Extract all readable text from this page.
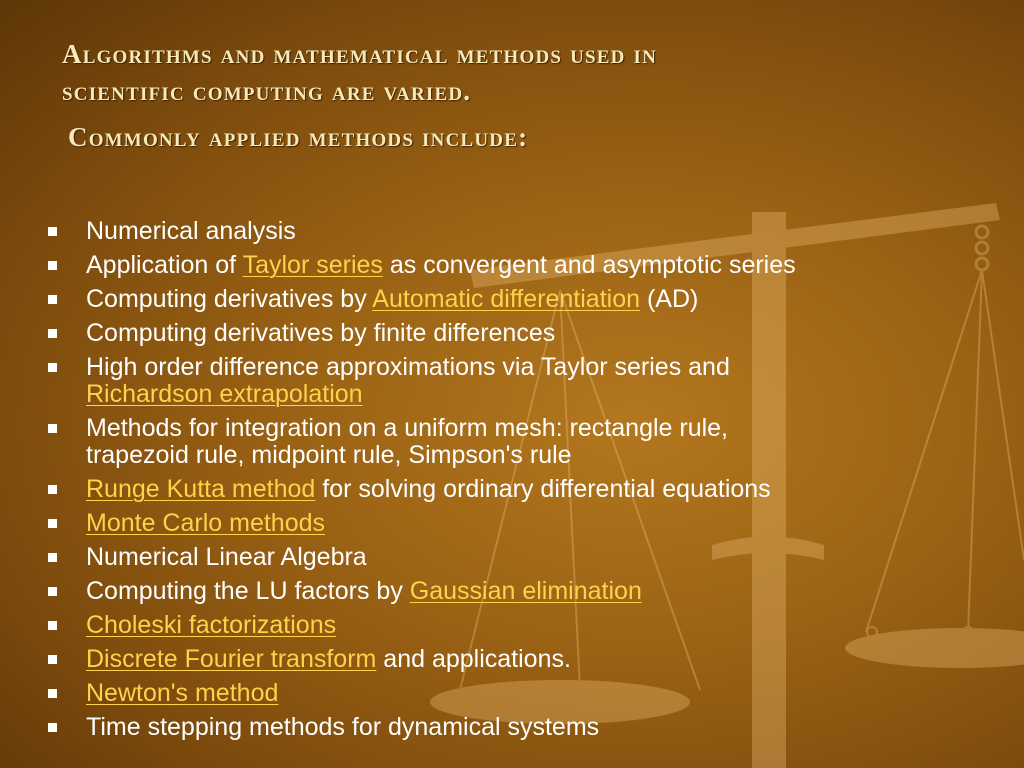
Algorithms and mathematical methods used in
scientific computing are varied.
Commonly applied methods include:
Numerical analysis
Application of Taylor series as convergent and asymptotic series
Computing derivatives by Automatic differentiation (AD)
Computing derivatives by finite differences
High order difference approximations via Taylor series and
Richardson extrapolation
Methods for integration on a uniform mesh: rectangle rule,
trapezoid rule, midpoint rule, Simpson's rule
Runge Kutta method for solving ordinary differential equations
Monte Carlo methods
Numerical Linear Algebra
Computing the LU factors by Gaussian elimination
Choleski factorizations
Discrete Fourier transform and applications.
Newton's method
Time stepping methods for dynamical systems
